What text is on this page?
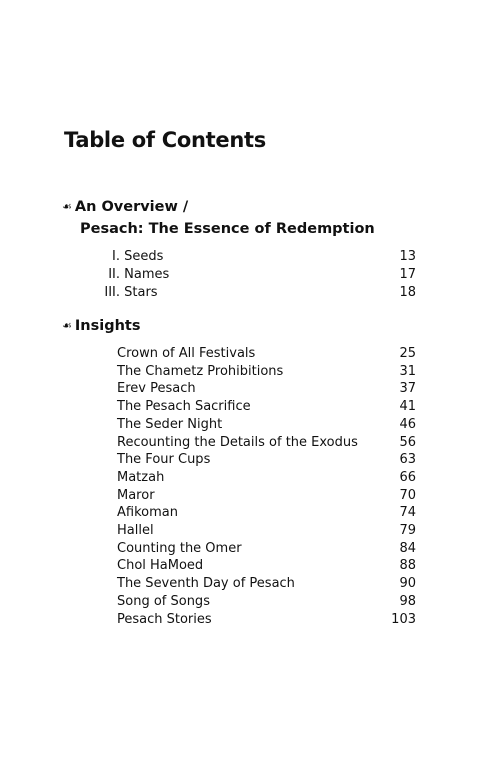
Table of Contents
☙ An Overview /
Pesach: The Essence of Redemption
I. Seeds	13
II. Names	17
III. Stars	18
☙ Insights
Crown of All Festivals	25
The Chametz Prohibitions	31
Erev Pesach	37
The Pesach Sacrifice	41
The Seder Night	46
Recounting the Details of the Exodus	56
The Four Cups	63
Matzah	66
Maror	70
Afikoman	74
Hallel	79
Counting the Omer	84
Chol HaMoed	88
The Seventh Day of Pesach	90
Song of Songs	98
Pesach Stories	103
